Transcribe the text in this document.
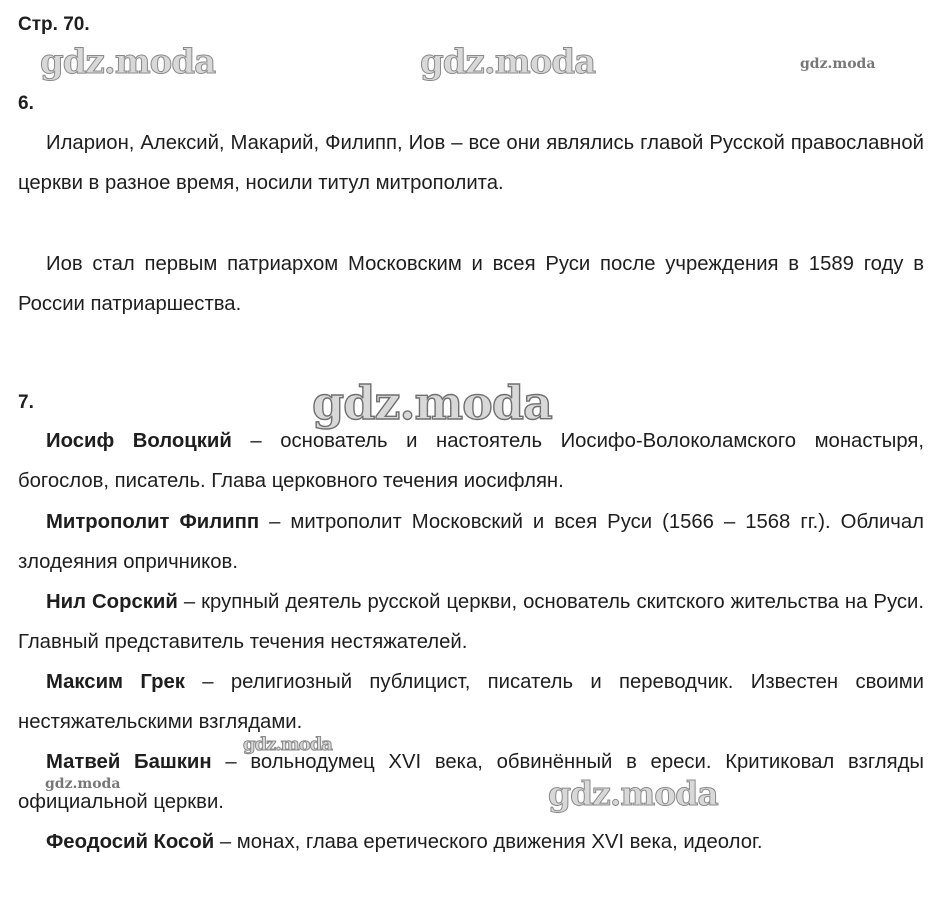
Стр. 70.
6.

Иларион, Алексий, Макарий, Филипп, Иов – все они являлись главой Русской православной церкви в разное время, носили титул митрополита.

Иов стал первым патриархом Московским и всея Руси после учреждения в 1589 году в России патриаршества.

7.

Иосиф Волоцкий – основатель и настоятель Иосифо-Волоколамского монастыря, богослов, писатель. Глава церковного течения иосифлян.

Митрополит Филипп – митрополит Московский и всея Руси (1566 – 1568 гг.). Обличал злодеяния опричников.

Нил Сорский – крупный деятель русской церкви, основатель скитского жительства на Руси. Главный представитель течения нестяжателей.

Максим Грек – религиозный публицист, писатель и переводчик. Известен своими нестяжательскими взглядами.

Матвей Башкин – вольнодумец XVI века, обвинённый в ереси. Критиковал взгляды официальной церкви.

Феодосий Косой – монах, глава еретического движения XVI века, идеолог.

gdz.moda	gdz.moda	gdz.moda
gdz.moda
gdz.moda
gdz.moda	gdz.moda
